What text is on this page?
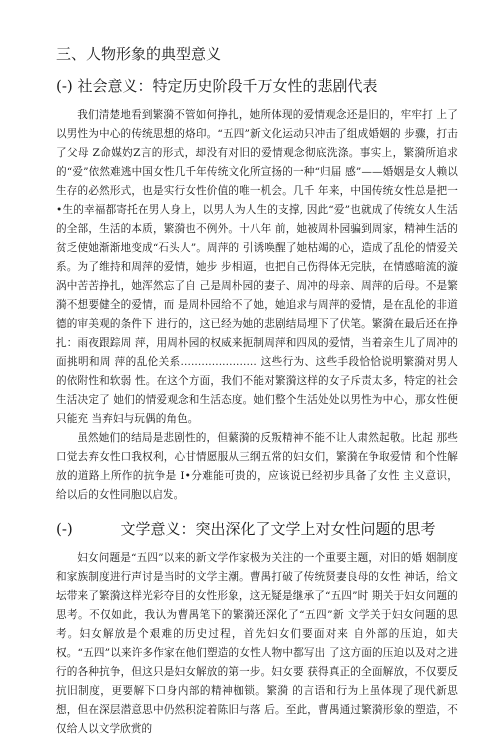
三、人物形象的典型意义
(-) 社会意义：特定历史阶段千万女性的悲剧代表

我们清楚地看到繁漪不管如何挣扎，她所体现的爱情观念还是旧的，牢牢打 上了以男性为中心的传统思想的烙印。“五四”新文化运动只冲击了组成婚姻的 步骤，打击了父母 Z命媒妁Z言的形式，却没有对旧的爱情观念彻底洗涤。事实上，繁漪所追求的“爱”依然难逃中国女性几千年传统文化所宣扬的一种“归届 感”——婚姻是女人赖以生存的必然形式，也是实行女性价值的唯一机会。几千 年来，中国传统女性总是把一•生的幸福都寄托在男人身上，以男人为人生的支撑, 因此“爱”也就成了传统女人生活的全部，生活的本质，繁漪也不例外。十八年 前，她被周朴园骗到周家，精神生活的贫乏使她渐渐地变成“石头人”。周萍的 引诱唤醒了她枯竭的心，造成了乱伦的情爱关系。为了维持和周萍的爱情，她步 步相逼，也把自己伤得体无完肤，在情感暗流的漩涡中苦苦挣扎，她浑然忘了自 己是周朴园的妻子、周冲的母亲、周萍的后母。不是繁漪不想要健全的爱情，而 是周朴园给不了她，她追求与周萍的爱情，是在乱伦的非道德的审美观的条件下 进行的，这已经为她的悲剧结局埋下了伏笔。繁漪在最后还在挣扎：雨夜跟踪周 萍，用周朴园的权威来扼制周萍和四凤的爱情，当着亲生儿了周冲的面挑明和周 萍的乱伦关系...................... 这些行为、这些手段恰恰说明繁漪对男人的依附性和软弱 性。在这个方面，我们不能对繁漪这样的女子斥责太多，特定的社会生活决定了 她们的情爱观念和生活态度。她们整个生活处处以男性为中心，那女性便只能充 当弃妇与玩偶的角色。

虽然她们的结局是悲剧性的，但蘩漪的反叛精神不能不让人肃然起敬。比起 那些口觉去弃女性口我权利，心甘情愿服从三纲五常的妇女们，繁漪在争取爱情 和个性解放的道路上所作的抗争是 I•分难能可贵的，应该说已经初步具备了女性 主义意识，给以后的女性同胞以启发。

(-)          文学意义：突出深化了文学上对女性问题的思考

妇女问题是“五四”以来的新文学作家极为关注的一个重要主题，对旧的婚 姻制度和家族制度进行声讨是当时的文学主潮。曹禺打破了传统贤妻良母的女性 神话，给文坛带来了繁漪这样光彩夺目的女性形象，这无疑是继承了“五四”时 期关于妇女问题的思考。不仅如此，我认为曹禺笔下的繁漪还深化了“五四”新 文学关于妇女问题的思考。妇女解放是个艰难的历史过程，首先妇女们要面对来 自外部的压迫，如夫权。“五四”以来许多作家在他们塑造的女性人物中都写出 了这方面的压迫以及对之进行的各种抗争，但这只是妇女解放的第一步。妇女要 获得真正的全面解放，不仅要反抗旧制度，更要解下口身内部的精神枷锁。繁漪 的言语和行为上虽体现了现代新思想，但在深层潜意思中仍然积淀着陈旧与落 后。至此，曹禺通过繁漪形象的塑造，不仅给人以文学欣赏的
